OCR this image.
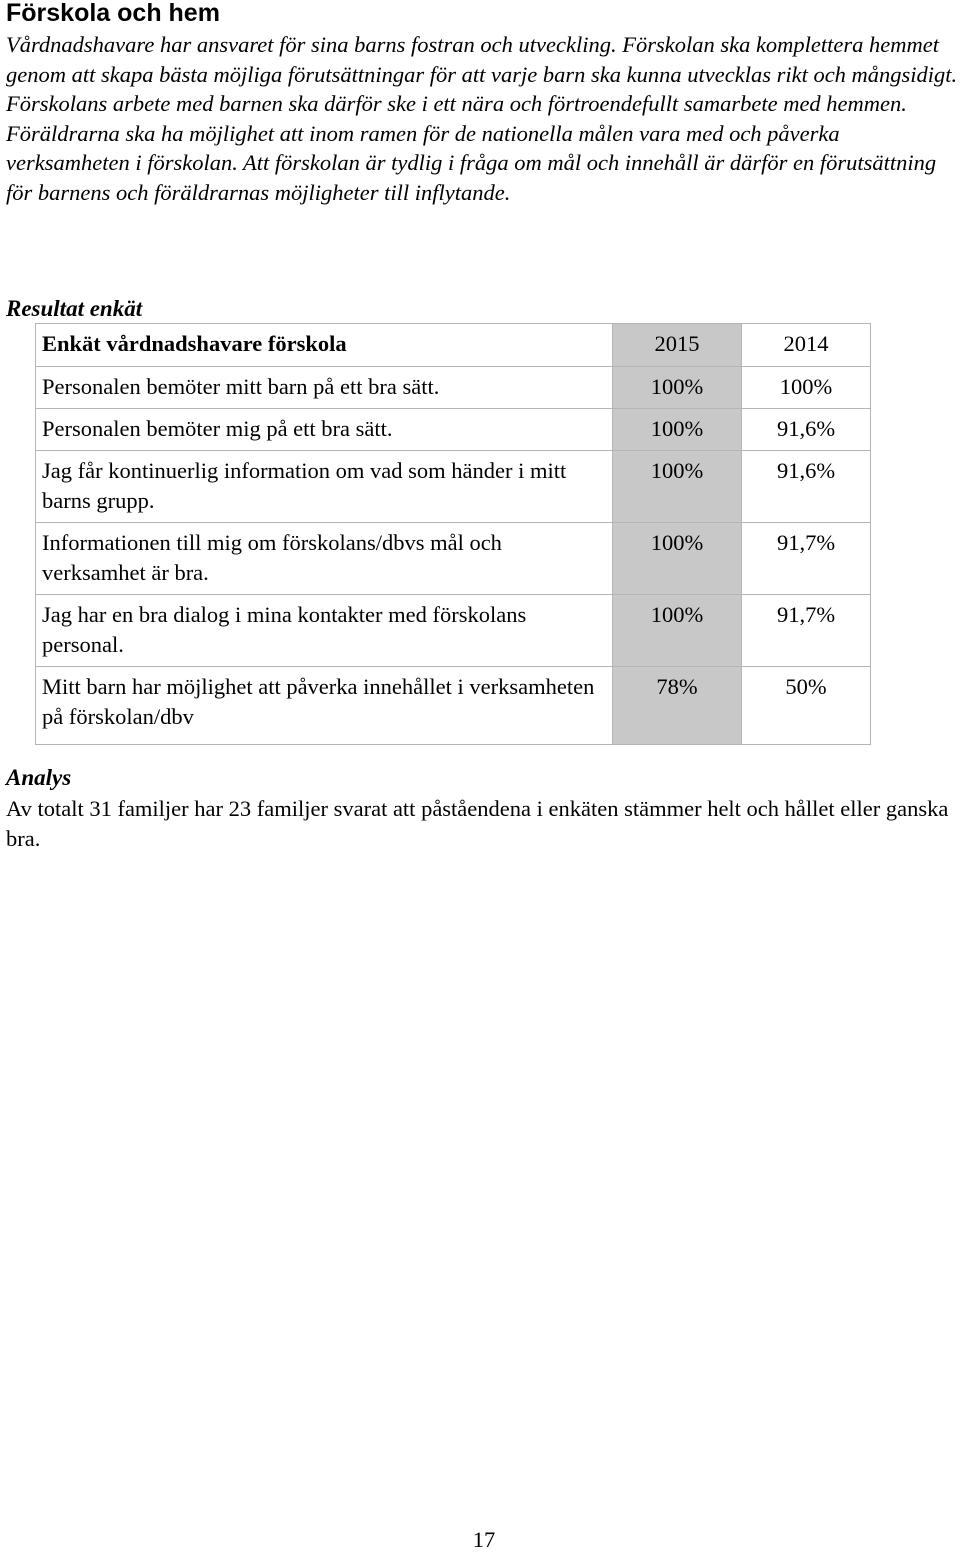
Förskola och hem

Vårdnadshavare har ansvaret för sina barns fostran och utveckling. Förskolan ska komplettera hemmet genom att skapa bästa möjliga förutsättningar för att varje barn ska kunna utvecklas rikt och mångsidigt. Förskolans arbete med barnen ska därför ske i ett nära och förtroendefullt samarbete med hemmen. Föräldrarna ska ha möjlighet att inom ramen för de nationella målen vara med och påverka verksamheten i förskolan. Att förskolan är tydlig i fråga om mål och innehåll är därför en förutsättning för barnens och föräldrarnas möjligheter till inflytande.

Resultat enkät
Enkät vårdnadshavare förskola	2015	2014
Personalen bemöter mitt barn på ett bra sätt.	100%	100%
Personalen bemöter mig på ett bra sätt.	100%	91,6%
Jag får kontinuerlig information om vad som händer i mitt barns grupp.	100%	91,6%
Informationen till mig om förskolans/dbvs mål och verksamhet är bra.	100%	91,7%
Jag har en bra dialog i mina kontakter med förskolans personal.	100%	91,7%
Mitt barn har möjlighet att påverka innehållet i verksamheten på förskolan/dbv	78%	50%
Analys

Av totalt 31 familjer har 23 familjer svarat att påståendena i enkäten stämmer helt och hållet eller ganska bra.

17
